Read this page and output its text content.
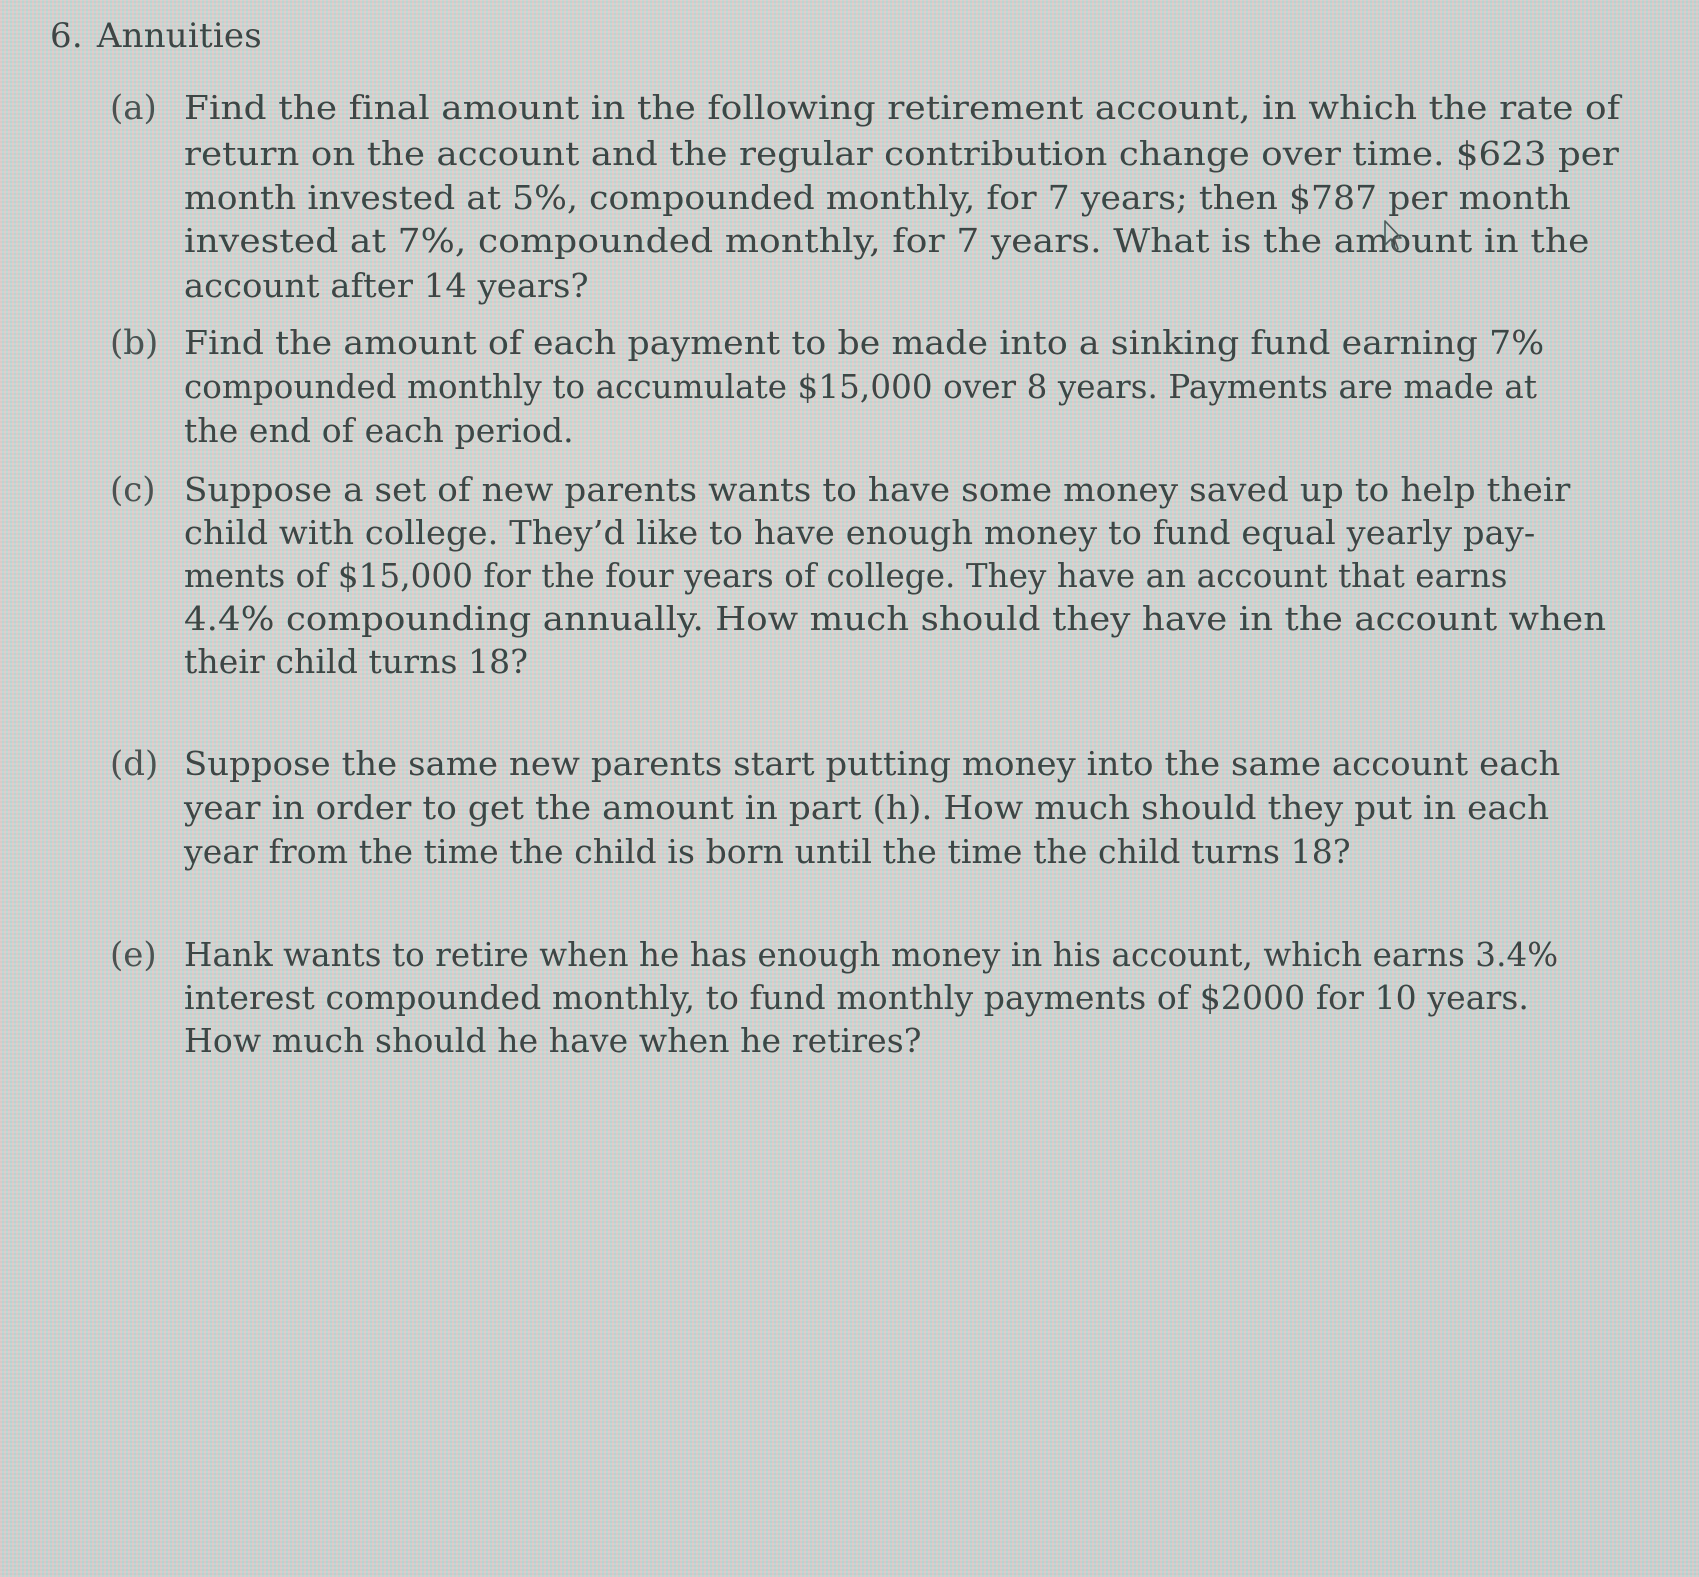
6. Annuities
(a) Find the final amount in the following retirement account, in which the rate of
return on the account and the regular contribution change over time. $623 per
month invested at 5%, compounded monthly, for 7 years; then $787 per month
invested at 7%, compounded monthly, for 7 years. What is the amount in the
account after 14 years?
(b) Find the amount of each payment to be made into a sinking fund earning 7%
compounded monthly to accumulate $15,000 over 8 years. Payments are made at
the end of each period.
(c) Suppose a set of new parents wants to have some money saved up to help their
child with college. They’d like to have enough money to fund equal yearly pay-
ments of $15,000 for the four years of college. They have an account that earns
4.4% compounding annually. How much should they have in the account when
their child turns 18?
(d) Suppose the same new parents start putting money into the same account each
year in order to get the amount in part (h). How much should they put in each
year from the time the child is born until the time the child turns 18?
(e) Hank wants to retire when he has enough money in his account, which earns 3.4%
interest compounded monthly, to fund monthly payments of $2000 for 10 years.
How much should he have when he retires?
